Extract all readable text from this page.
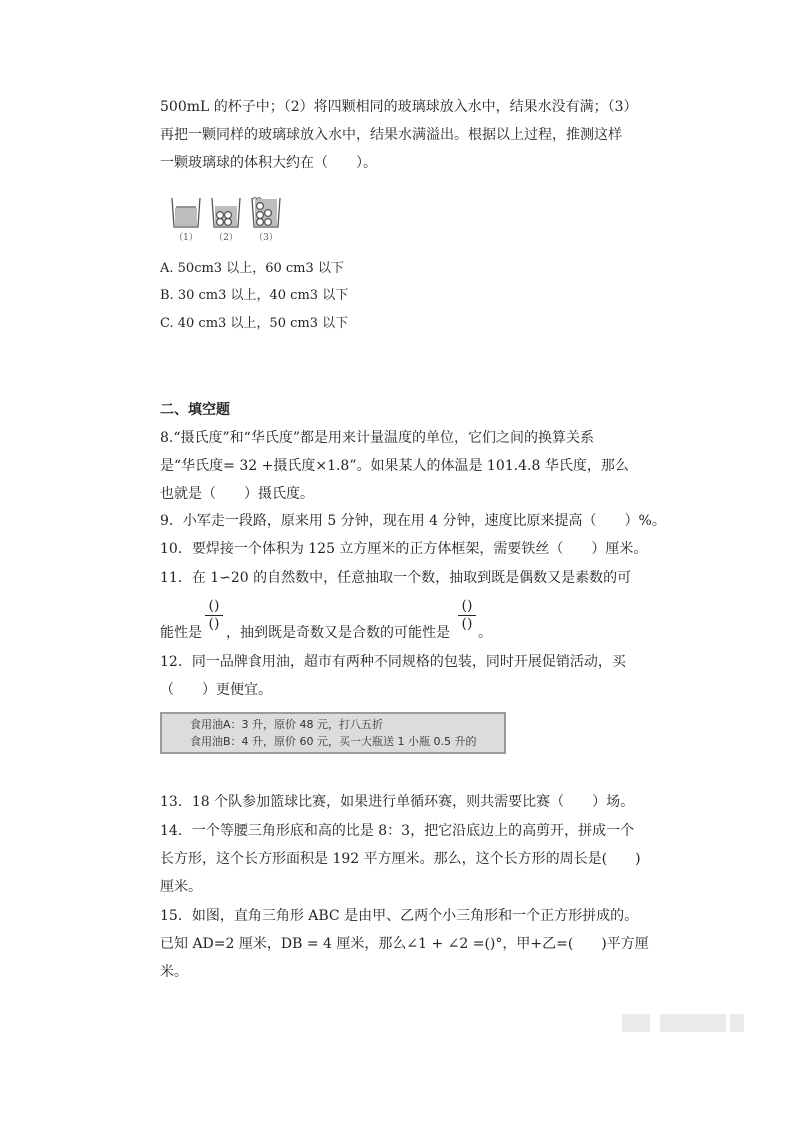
500mL 的杯子中；（2）将四颗相同的玻璃球放入水中，结果水没有满；（3）
再把一颗同样的玻璃球放入水中，结果水满溢出。根据以上过程，推测这样
一颗玻璃球的体积大约在（　　）。
（1） （2） （3）
A. 50cm3 以上，60 cm3 以下
B. 30 cm3 以上，40 cm3 以下
C. 40 cm3 以上，50 cm3 以下
二、填空题
8.“摄氏度”和“华氏度”都是用来计量温度的单位，它们之间的换算关系
是“华氏度= 32 +摄氏度×1.8”。如果某人的体温是 101.4.8 华氏度，那么
也就是（　　）摄氏度。
9．小军走一段路，原来用 5 分钟，现在用 4 分钟，速度比原来提高（　　）%。
10．要焊接一个体积为 125 立方厘米的正方体框架，需要铁丝（　　）厘米。
11．在 1∽20 的自然数中，任意抽取一个数，抽取到既是偶数又是素数的可
能性是
()
()
，抽到既是奇数又是合数的可能性是
()
()
。
12．同一品牌食用油，超市有两种不同规格的包装，同时开展促销活动，买
（　　）更便宜。
食用油A：3 升，原价 48 元，打八五折
食用油B：4 升，原价 60 元，买一大瓶送 1 小瓶 0.5 升的
13．18 个队参加篮球比赛，如果进行单循环赛，则共需要比赛（　　）场。
14．一个等腰三角形底和高的比是 8：3，把它沿底边上的高剪开，拼成一个
长方形，这个长方形面积是 192 平方厘米。那么，这个长方形的周长是(　　)
厘米。
15．如图，直角三角形 ABC 是由甲、乙两个小三角形和一个正方形拼成的。
已知 AD=2 厘米，DB = 4 厘米，那么∠1 + ∠2 =()°，甲+乙=(　　)平方厘
米。
